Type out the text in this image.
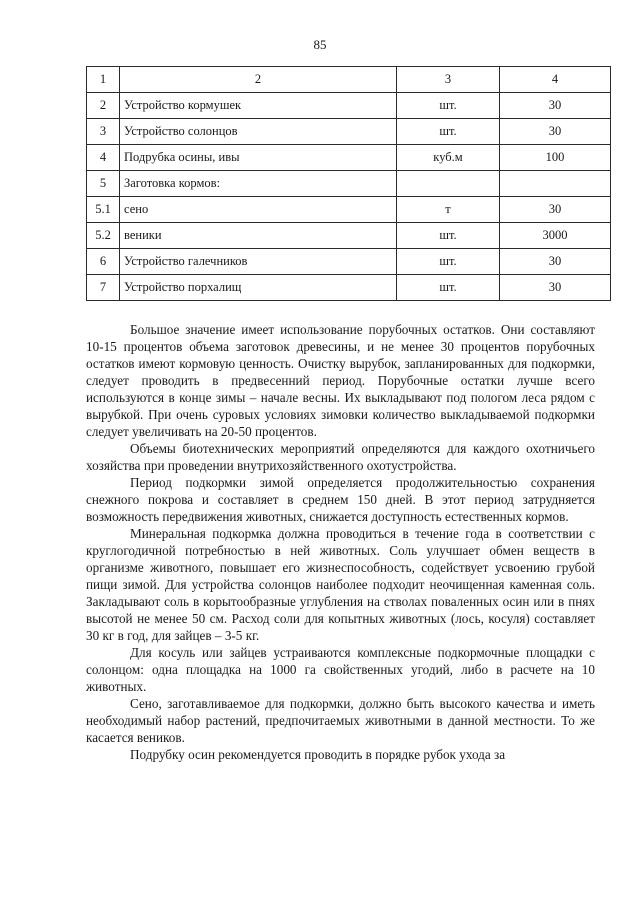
85
1	2	3	4
2	Устройство кормушек	шт.	30
3	Устройство солонцов	шт.	30
4	Подрубка осины, ивы	куб.м	100
5	Заготовка кормов:		
5.1	сено	т	30
5.2	веники	шт.	3000
6	Устройство галечников	шт.	30
7	Устройство порхалищ	шт.	30

Большое значение имеет использование порубочных остатков. Они составляют 10-15 процентов объема заготовок древесины, и не менее 30 процентов порубочных остатков имеют кормовую ценность. Очистку вырубок, запланированных для подкормки, следует проводить в предвесенний период. Порубочные остатки лучше всего используются в конце зимы – начале весны. Их выкладывают под пологом леса рядом с вырубкой. При очень суровых условиях зимовки количество выкладываемой подкормки следует увеличивать на 20-50 процентов.

Объемы биотехнических мероприятий определяются для каждого охотничьего хозяйства при проведении внутрихозяйственного охотустройства.

Период подкормки зимой определяется продолжительностью сохранения снежного покрова и составляет в среднем 150 дней. В этот период затрудняется возможность передвижения животных, снижается доступность естественных кормов.

Минеральная подкормка должна проводиться в течение года в соответствии с круглогодичной потребностью в ней животных. Соль улучшает обмен веществ в организме животного, повышает его жизнеспособность, содействует усвоению грубой пищи зимой. Для устройства солонцов наиболее подходит неочищенная каменная соль. Закладывают соль в корытообразные углубления на стволах поваленных осин или в пнях высотой не менее 50 см. Расход соли для копытных животных (лось, косуля) составляет 30 кг в год, для зайцев – 3-5 кг.

Для косуль или зайцев устраиваются комплексные подкормочные площадки с солонцом: одна площадка на 1000 га свойственных угодий, либо в расчете на 10 животных.

Сено, заготавливаемое для подкормки, должно быть высокого качества и иметь необходимый набор растений, предпочитаемых животными в данной местности. То же касается веников.

Подрубку осин рекомендуется проводить в порядке рубок ухода за
